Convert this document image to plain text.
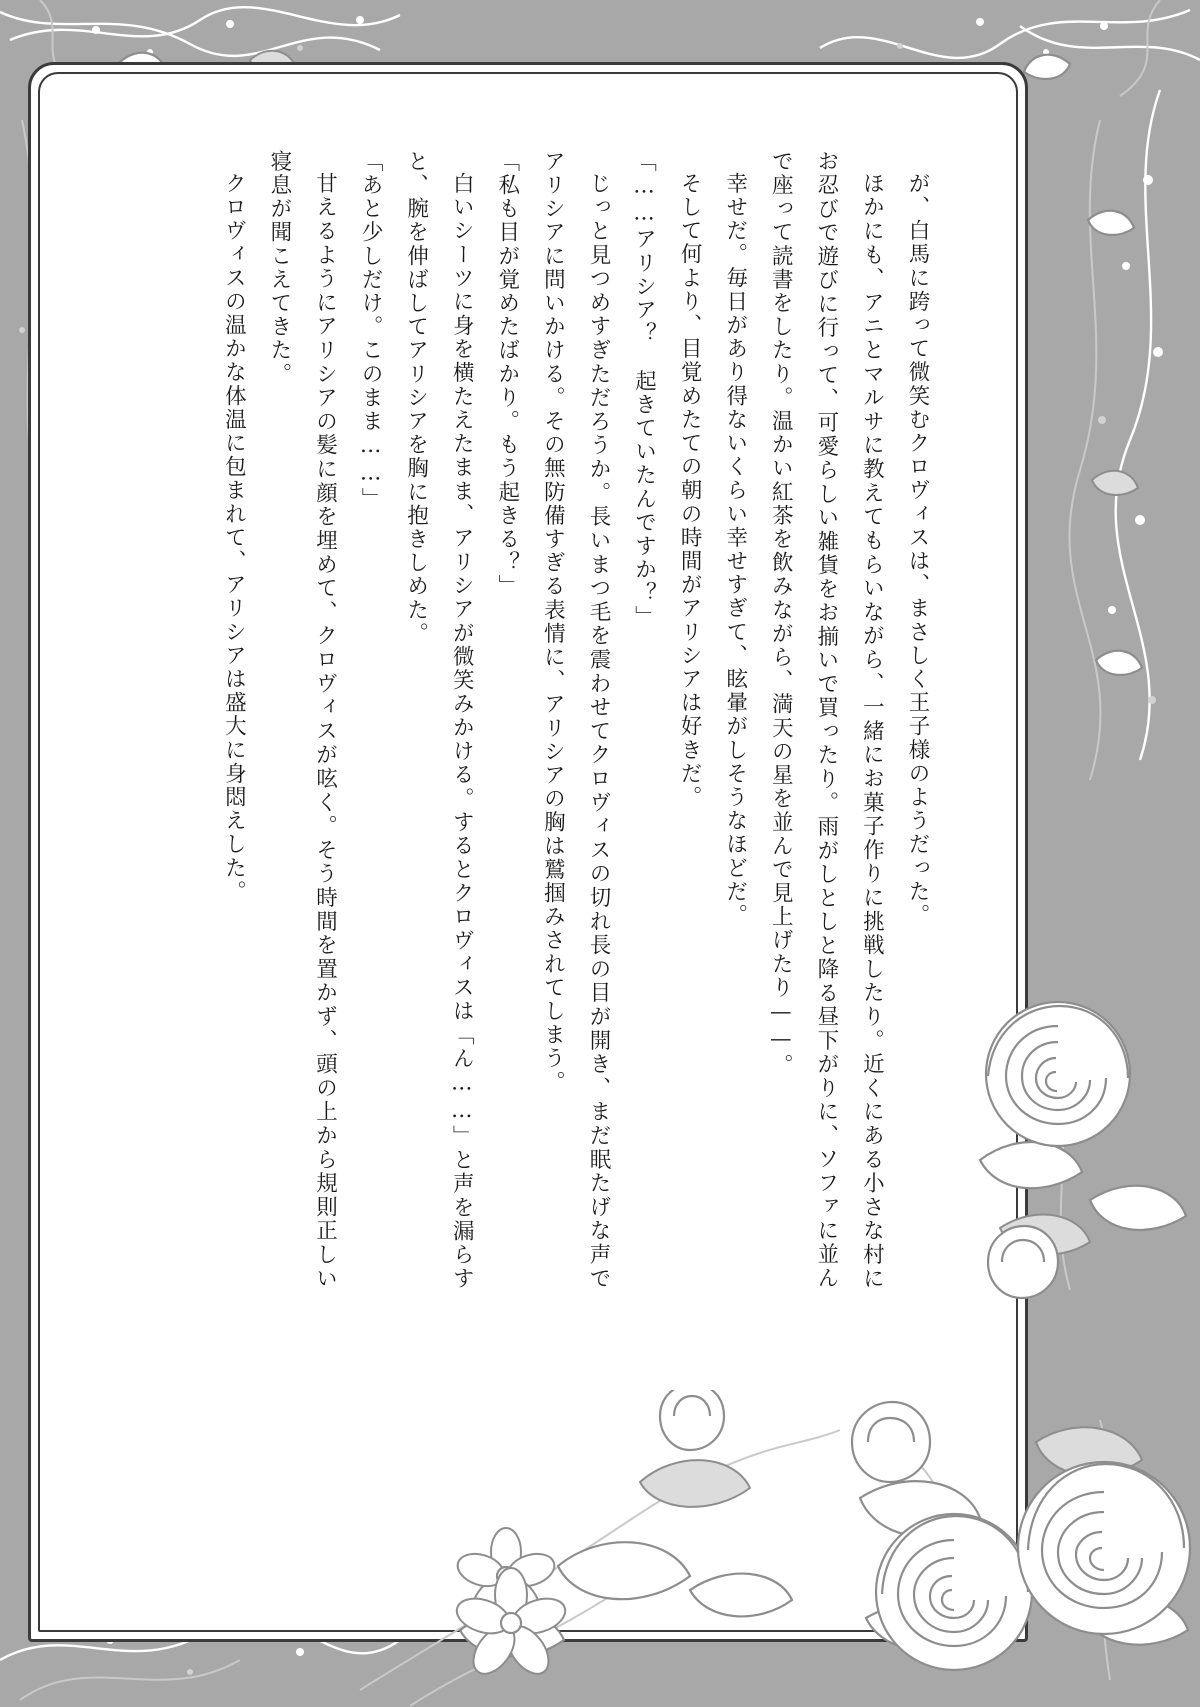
が、白馬に跨って微笑むクロヴィスは、まさしく王子様のようだった。

ほかにも、アニとマルサに教えてもらいながら、一緒にお菓子作りに挑戦したり。近くにある小さな村にお忍びで遊びに行って、可愛らしい雑貨をお揃いで買ったり。雨がしとしと降る昼下がりに、ソファに並んで座って読書をしたり。温かい紅茶を飲みながら、満天の星を並んで見上げたり——。

幸せだ。毎日があり得ないくらい幸せすぎて、眩暈がしそうなほどだ。

そして何より、目覚めたての朝の時間がアリシアは好きだ。

「……アリシア？　起きていたんですか？」

じっと見つめすぎただろうか。長いまつ毛を震わせてクロヴィスの切れ長の目が開き、まだ眠たげな声でアリシアに問いかける。その無防備すぎる表情に、アリシアの胸は鷲掴みされてしまう。

「私も目が覚めたばかり。もう起きる？」

白いシーツに身を横たえたまま、アリシアが微笑みかける。するとクロヴィスは「ん……」と声を漏らすと、腕を伸ばしてアリシアを胸に抱きしめた。

「あと少しだけ。このまま……」

甘えるようにアリシアの髪に顔を埋めて、クロヴィスが呟く。そう時間を置かず、頭の上から規則正しい寝息が聞こえてきた。

クロヴィスの温かな体温に包まれて、アリシアは盛大に身悶えした。
